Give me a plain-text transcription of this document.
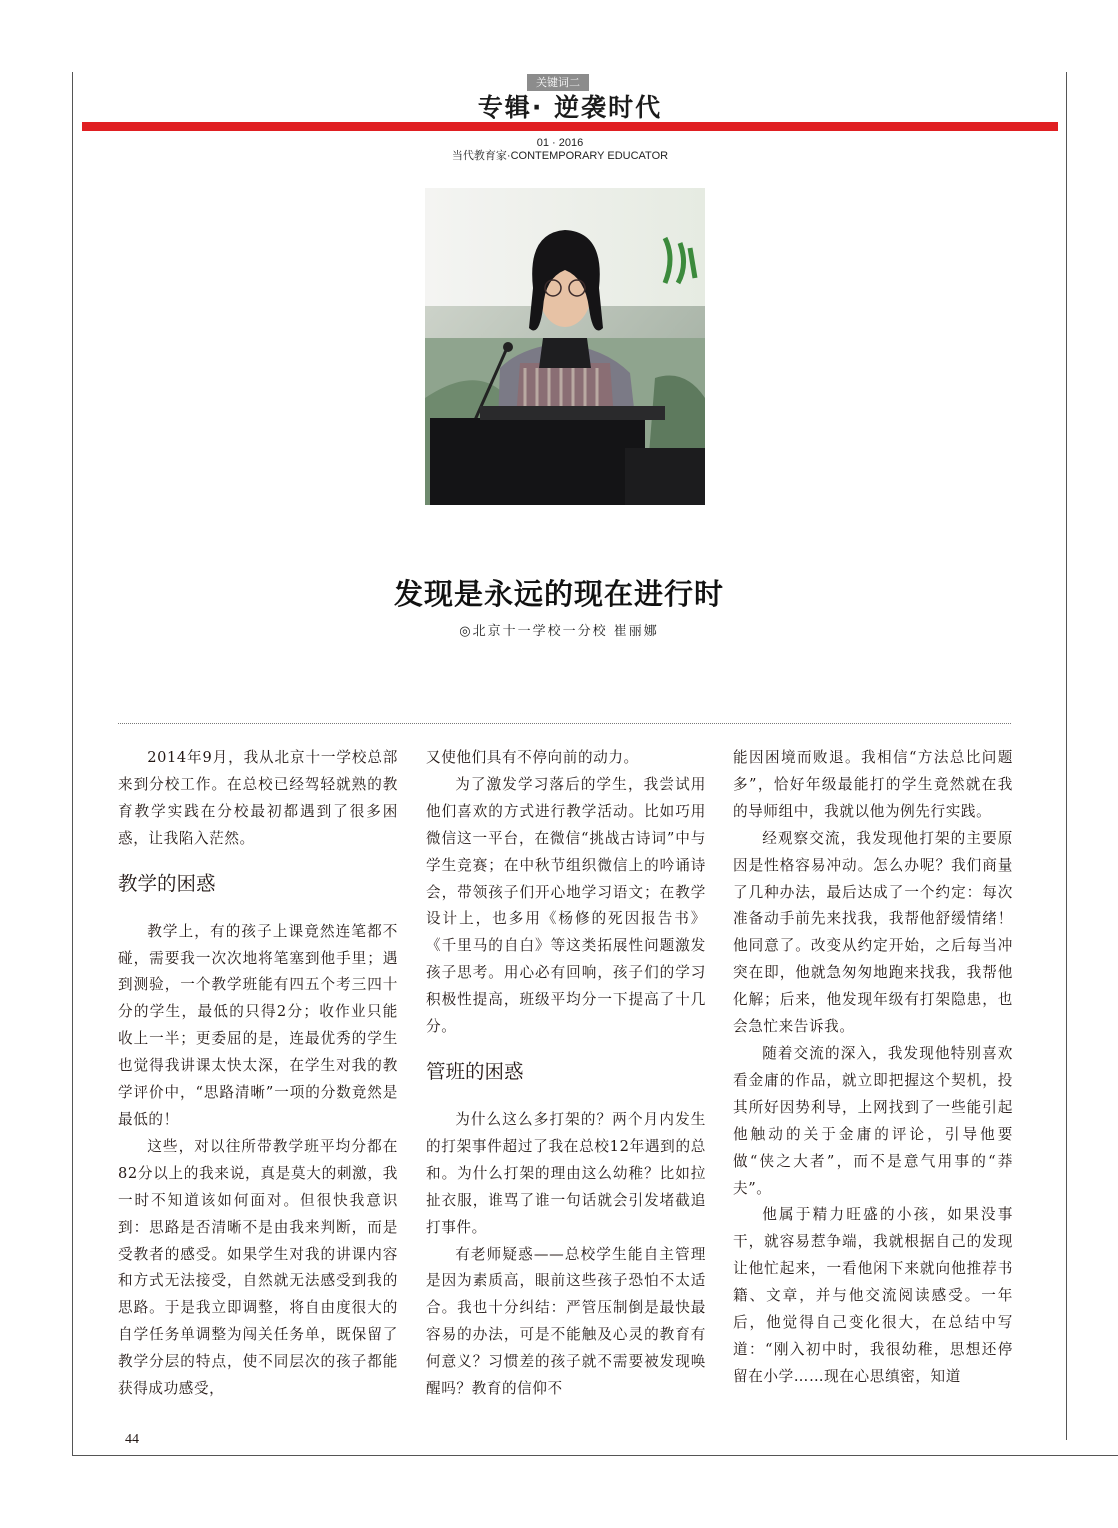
关键词二
专辑· 逆袭时代
01 · 2016
当代教育家·CONTEMPORARY EDUCATOR
发现是永远的现在进行时
◎北京十一学校一分校 崔丽娜

2014年9月，我从北京十一学校总部来到分校工作。在总校已经驾轻就熟的教育教学实践在分校最初都遇到了很多困惑，让我陷入茫然。

教学的困惑

教学上，有的孩子上课竟然连笔都不碰，需要我一次次地将笔塞到他手里；遇到测验，一个教学班能有四五个考三四十分的学生，最低的只得2分；收作业只能收上一半；更委屈的是，连最优秀的学生也觉得我讲课太快太深，在学生对我的教学评价中，“思路清晰”一项的分数竟然是最低的！

这些，对以往所带教学班平均分都在82分以上的我来说，真是莫大的刺激，我一时不知道该如何面对。但很快我意识到：思路是否清晰不是由我来判断，而是受教者的感受。如果学生对我的讲课内容和方式无法接受，自然就无法感受到我的思路。于是我立即调整，将自由度很大的自学任务单调整为闯关任务单，既保留了教学分层的特点，使不同层次的孩子都能获得成功感受，

又使他们具有不停向前的动力。

为了激发学习落后的学生，我尝试用他们喜欢的方式进行教学活动。比如巧用微信这一平台，在微信“挑战古诗词”中与学生竞赛；在中秋节组织微信上的吟诵诗会，带领孩子们开心地学习语文；在教学设计上，也多用《杨修的死因报告书》《千里马的自白》等这类拓展性问题激发孩子思考。用心必有回响，孩子们的学习积极性提高，班级平均分一下提高了十几分。

管班的困惑

为什么这么多打架的？两个月内发生的打架事件超过了我在总校12年遇到的总和。为什么打架的理由这么幼稚？比如拉扯衣服，谁骂了谁一句话就会引发堵截追打事件。

有老师疑惑——总校学生能自主管理是因为素质高，眼前这些孩子恐怕不太适合。我也十分纠结：严管压制倒是最快最容易的办法，可是不能触及心灵的教育有何意义？习惯差的孩子就不需要被发现唤醒吗？教育的信仰不

能因困境而败退。我相信“方法总比问题多”，恰好年级最能打的学生竟然就在我的导师组中，我就以他为例先行实践。

经观察交流，我发现他打架的主要原因是性格容易冲动。怎么办呢？我们商量了几种办法，最后达成了一个约定：每次准备动手前先来找我，我帮他舒缓情绪！他同意了。改变从约定开始，之后每当冲突在即，他就急匆匆地跑来找我，我帮他化解；后来，他发现年级有打架隐患，也会急忙来告诉我。

随着交流的深入，我发现他特别喜欢看金庸的作品，就立即把握这个契机，投其所好因势利导，上网找到了一些能引起他触动的关于金庸的评论，引导他要做“侠之大者”，而不是意气用事的“莽夫”。

他属于精力旺盛的小孩，如果没事干，就容易惹争端，我就根据自己的发现让他忙起来，一看他闲下来就向他推荐书籍、文章，并与他交流阅读感受。一年后，他觉得自己变化很大，在总结中写道：“刚入初中时，我很幼稚，思想还停留在小学……现在心思缜密，知道

44
